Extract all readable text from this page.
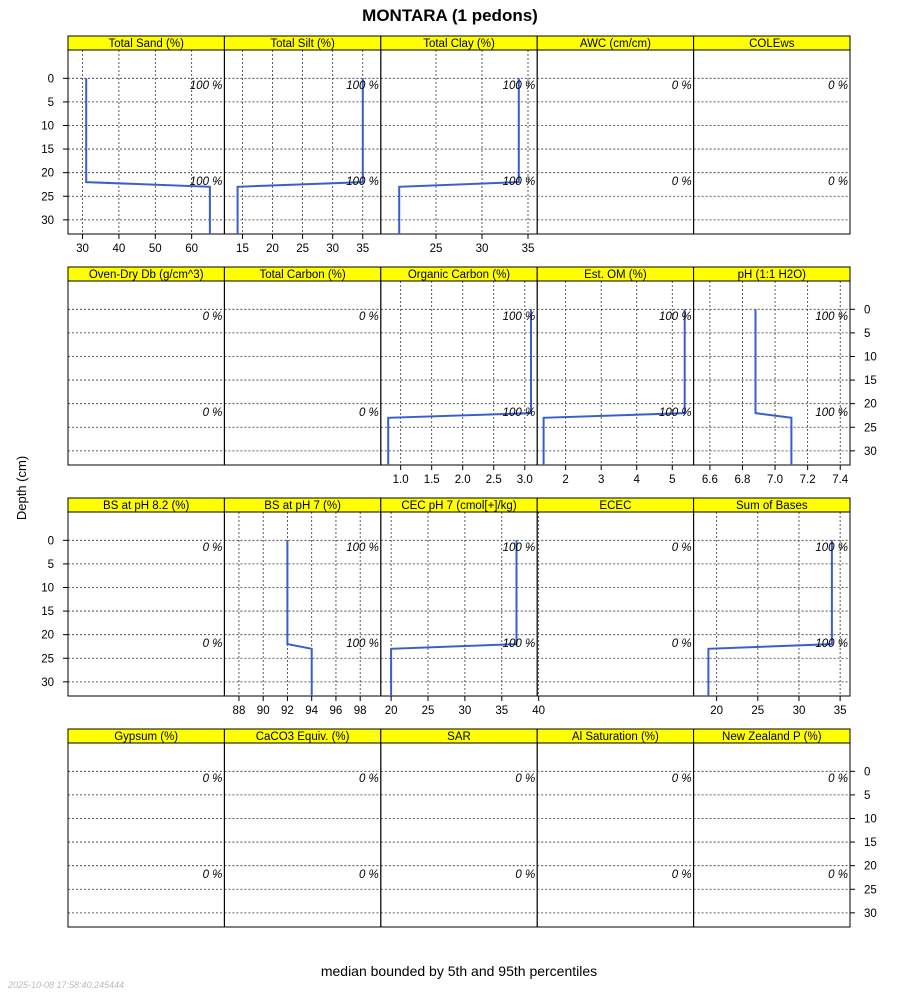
MONTARA (1 pedons)
Depth (cm)
Total Sand (%)
30 40 50 60
100 %
100 %
Total Silt (%)
15 20 25 30 35
100 %
100 %
Total Clay (%)
25	30	35
100 %
100 %
AWC (cm/cm)
0 %
0 %
COLEws
0 %
0 %
Oven-Dry Db (g/cm^3)
0 %
0 %
Total Carbon (%)
0 %
0 %
Organic Carbon (%)
1.0 1.5 2.0 2.5 3.0
100 %
100 %
Est. OM (%)
2	3	4	5
100 %
100 %
pH (1:1 H2O)
6.6 6.8 7.0 7.2 7.4
100 %
100 %
BS at pH 8.2 (%)
0 %
0 %
BS at pH 7 (%)
88 90 92 94 96 98
100 %
100 %
CEC pH 7 (cmol[+]/kg)
20 25 30 35 40
100 %
100 %
ECEC
0 %
0 %
Sum of Bases
20 25 30 35
100 %
100 %
Gypsum (%)
0 %
0 %
CaCO3 Equiv. (%)
0 %
0 %
SAR
0 %
0 %
Al Saturation (%)
0 %
0 %
New Zealand P (%)
0 %
0 %
0
5
10
15
20
25
30
0
5
10
15
20
25
30
0
5
10
15
20
25
30
0
5
10
15
20
25
30
median bounded by 5th and 95th percentiles
2025-10-08 17:58:40.245444
